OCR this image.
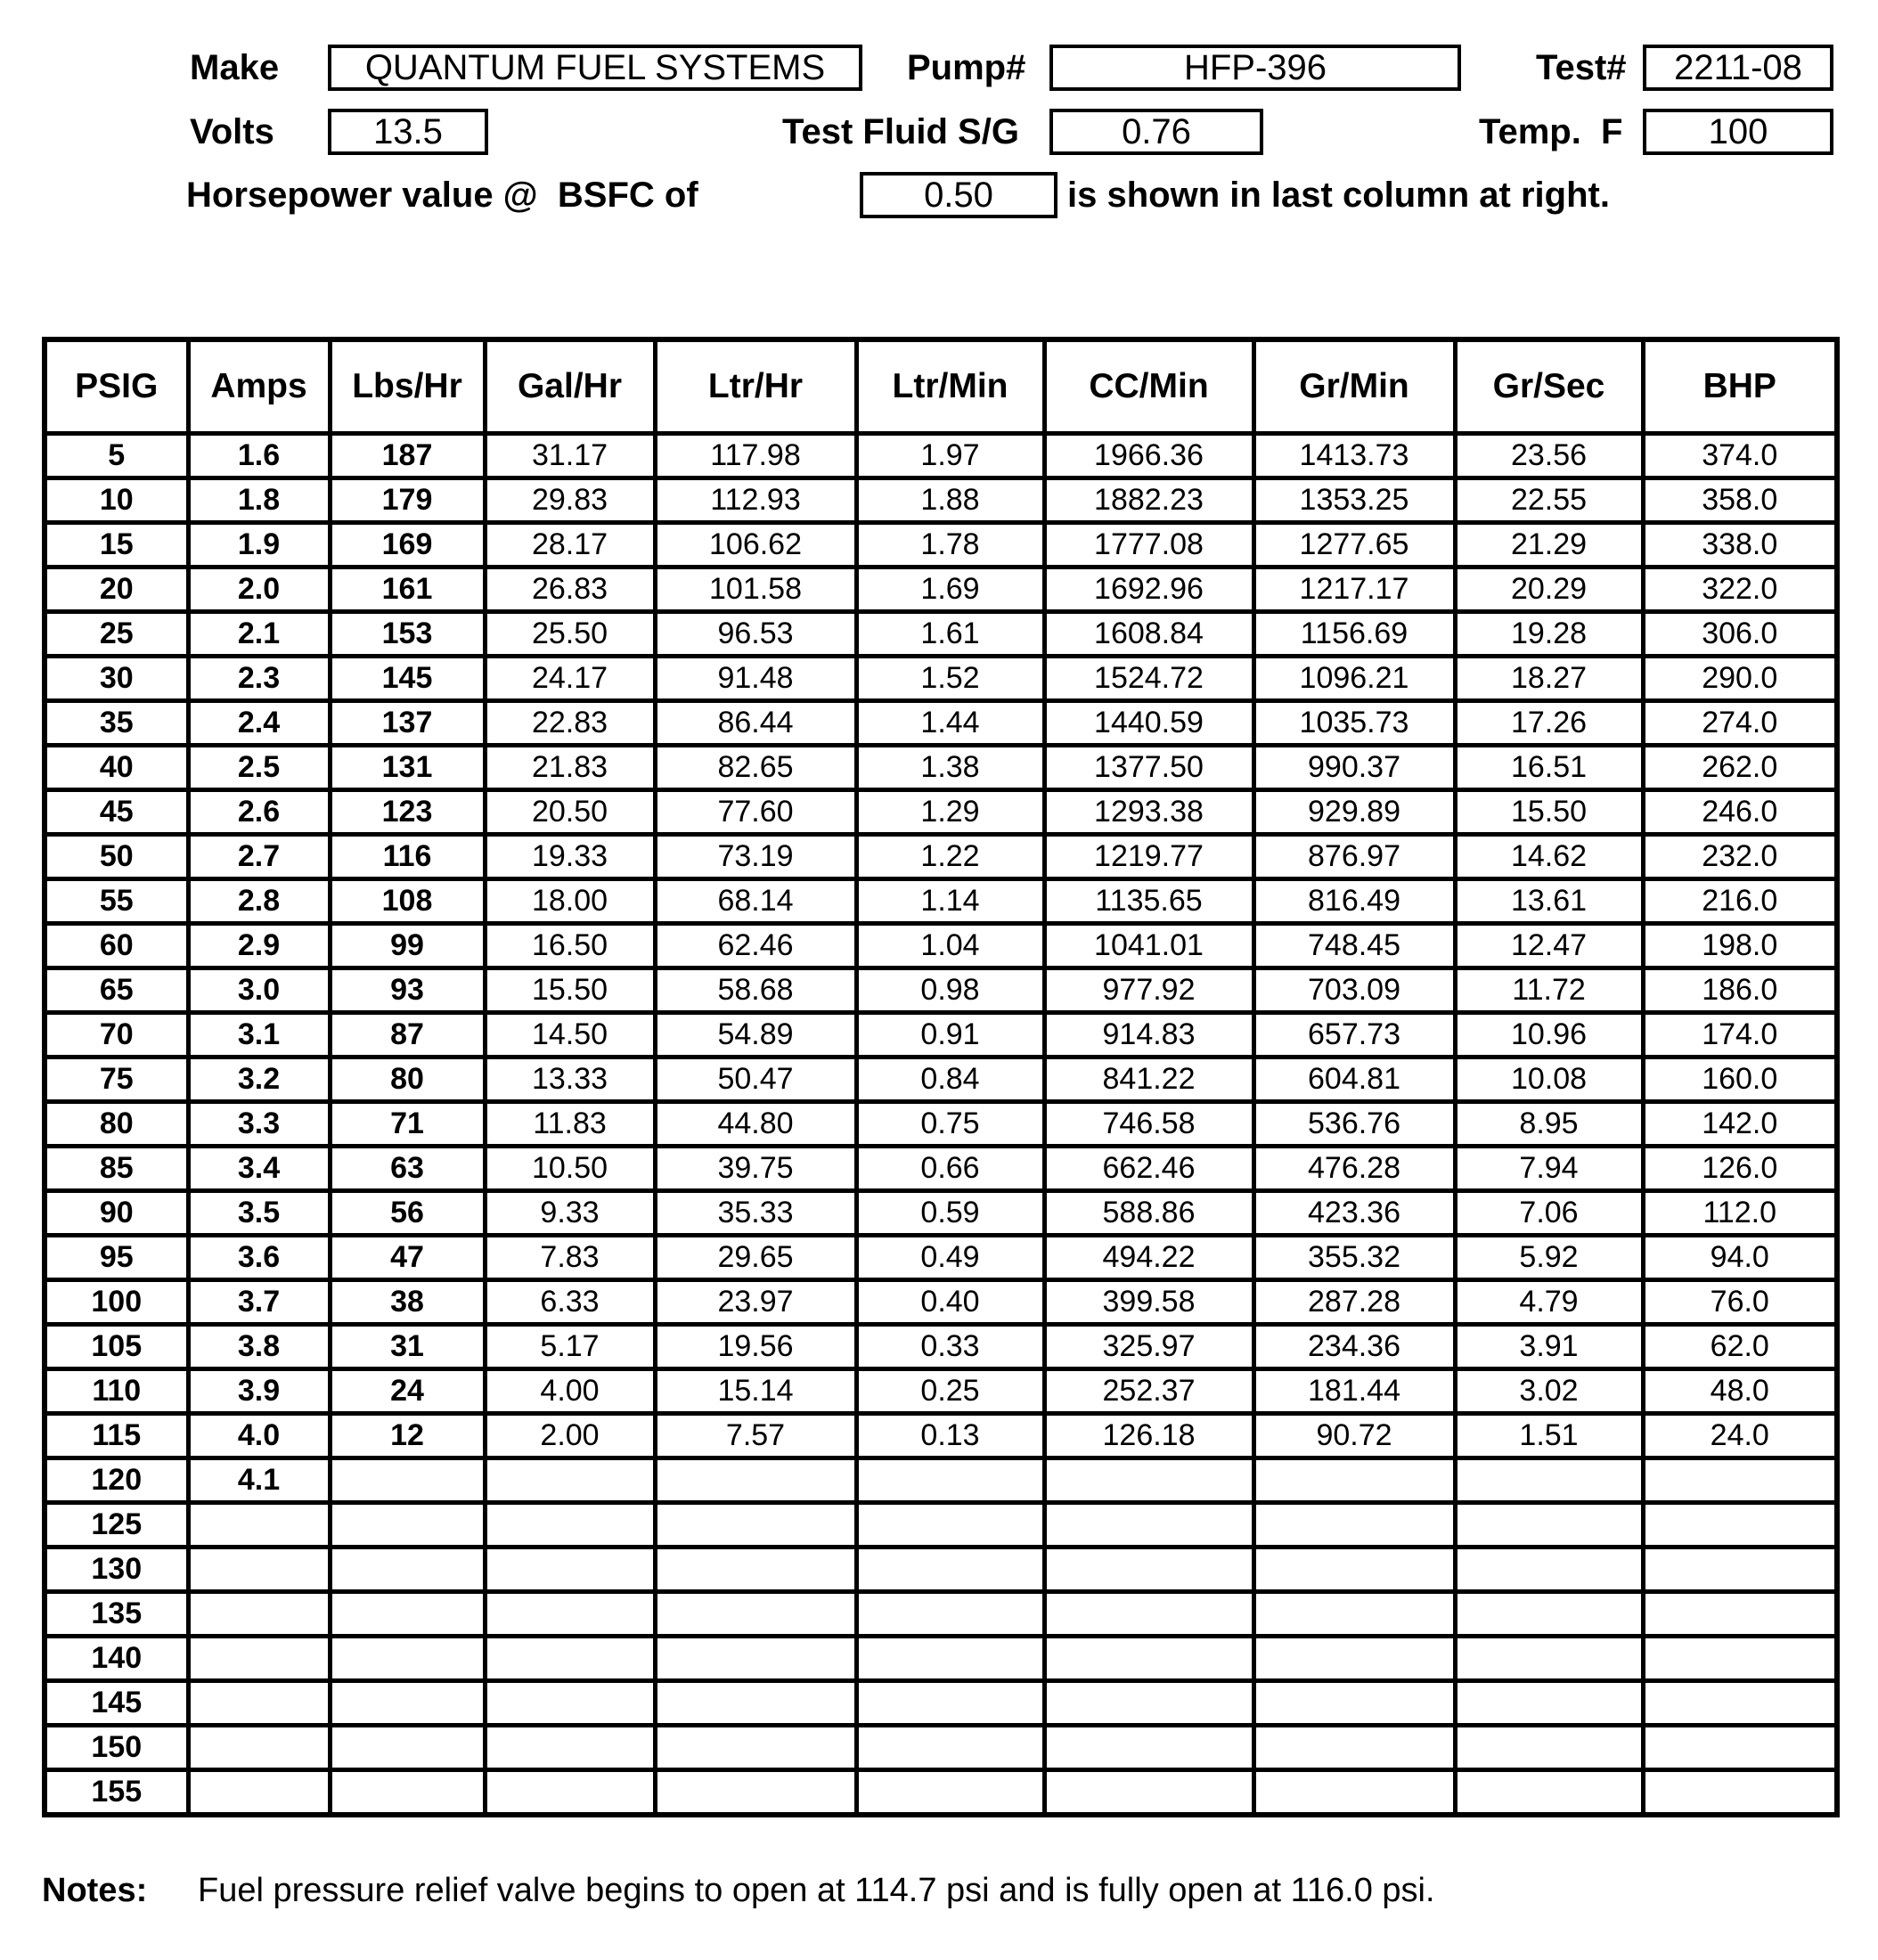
Make	QUANTUM FUEL SYSTEMS	Pump#	HFP-396	Test#	2211-08
Volts	13.5	Test Fluid S/G	0.76	Temp.  F	100
Horsepower value @  BSFC of	0.50	is shown in last column at right.
PSIG	Amps	Lbs/Hr	Gal/Hr	Ltr/Hr	Ltr/Min	CC/Min	Gr/Min	Gr/Sec	BHP
5	1.6	187	31.17	117.98	1.97	1966.36	1413.73	23.56	374.0
10	1.8	179	29.83	112.93	1.88	1882.23	1353.25	22.55	358.0
15	1.9	169	28.17	106.62	1.78	1777.08	1277.65	21.29	338.0
20	2.0	161	26.83	101.58	1.69	1692.96	1217.17	20.29	322.0
25	2.1	153	25.50	96.53	1.61	1608.84	1156.69	19.28	306.0
30	2.3	145	24.17	91.48	1.52	1524.72	1096.21	18.27	290.0
35	2.4	137	22.83	86.44	1.44	1440.59	1035.73	17.26	274.0
40	2.5	131	21.83	82.65	1.38	1377.50	990.37	16.51	262.0
45	2.6	123	20.50	77.60	1.29	1293.38	929.89	15.50	246.0
50	2.7	116	19.33	73.19	1.22	1219.77	876.97	14.62	232.0
55	2.8	108	18.00	68.14	1.14	1135.65	816.49	13.61	216.0
60	2.9	99	16.50	62.46	1.04	1041.01	748.45	12.47	198.0
65	3.0	93	15.50	58.68	0.98	977.92	703.09	11.72	186.0
70	3.1	87	14.50	54.89	0.91	914.83	657.73	10.96	174.0
75	3.2	80	13.33	50.47	0.84	841.22	604.81	10.08	160.0
80	3.3	71	11.83	44.80	0.75	746.58	536.76	8.95	142.0
85	3.4	63	10.50	39.75	0.66	662.46	476.28	7.94	126.0
90	3.5	56	9.33	35.33	0.59	588.86	423.36	7.06	112.0
95	3.6	47	7.83	29.65	0.49	494.22	355.32	5.92	94.0
100	3.7	38	6.33	23.97	0.40	399.58	287.28	4.79	76.0
105	3.8	31	5.17	19.56	0.33	325.97	234.36	3.91	62.0
110	3.9	24	4.00	15.14	0.25	252.37	181.44	3.02	48.0
115	4.0	12	2.00	7.57	0.13	126.18	90.72	1.51	24.0
120	4.1								
125									
130									
135									
140									
145									
150									
155									
Notes: Fuel pressure relief valve begins to open at 114.7 psi and is fully open at 116.0 psi.
